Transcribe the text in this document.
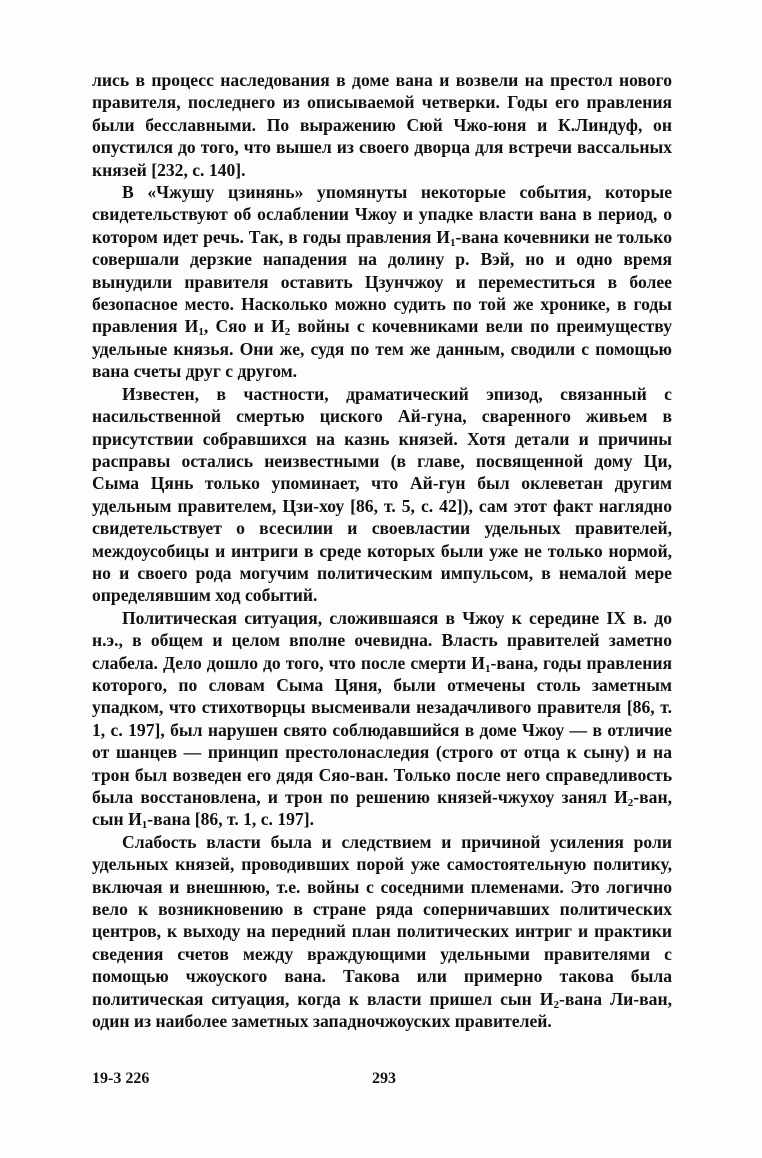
лись в процесс наследования в доме вана и возвели на престол нового правителя, последнего из описываемой четверки. Годы его правления были бесславными. По выражению Сюй Чжо-юня и К.Линдуф, он опустился до того, что вышел из своего дворца для встречи вассальных князей [232, с. 140].

В «Чжушу цзинянь» упомянуты некоторые события, которые свидетельствуют об ослаблении Чжоу и упадке власти вана в период, о котором идет речь. Так, в годы правления $И_1$-вана кочевники не только совершали дерзкие нападения на долину р. Вэй, но и одно время вынудили правителя оставить Цзунчжоу и переместиться в более безопасное место. Насколько можно судить по той же хронике, в годы правления $И_1$, Сяо и $И_2$ войны с кочевниками вели по преимуществу удельные князья. Они же, судя по тем же данным, сводили с помощью вана счеты друг с другом.

Известен, в частности, драматический эпизод, связанный с насильственной смертью циского Ай-гуна, сваренного живьем в присутствии собравшихся на казнь князей. Хотя детали и причины расправы остались неизвестными (в главе, посвященной дому Ци, Сыма Цянь только упоминает, что Ай-гун был оклеветан другим удельным правителем, Цзи-хоу [86, т. 5, с. 42]), сам этот факт наглядно свидетельствует о всесилии и своевластии удельных правителей, междоусобицы и интриги в среде которых были уже не только нормой, но и своего рода могучим политическим импульсом, в немалой мере определявшим ход событий.

Политическая ситуация, сложившаяся в Чжоу к середине IX в. до н.э., в общем и целом вполне очевидна. Власть правителей заметно слабела. Дело дошло до того, что после смерти $И_1$-вана, годы правления которого, по словам Сыма Цяня, были отмечены столь заметным упадком, что стихотворцы высмеивали незадачливого правителя [86, т. 1, с. 197], был нарушен свято соблюдавшийся в доме Чжоу — в отличие от шанцев — принцип престолонаследия (строго от отца к сыну) и на трон был возведен его дядя Сяо-ван. Только после него справедливость была восстановлена, и трон по решению князей-чжухоу занял $И_2$-ван, сын $И_1$-вана [86, т. 1, с. 197].

Слабость власти была и следствием и причиной усиления роли удельных князей, проводивших порой уже самостоятельную политику, включая и внешнюю, т.е. войны с соседними племенами. Это логично вело к возникновению в стране ряда соперничавших политических центров, к выходу на передний план политических интриг и практики сведения счетов между враждующими удельными правителями с помощью чжоуского вана. Такова или примерно такова была политическая ситуация, когда к власти пришел сын $И_2$-вана Ли-ван, один из наиболее заметных западночжоуских правителей.

19-3 226	293
